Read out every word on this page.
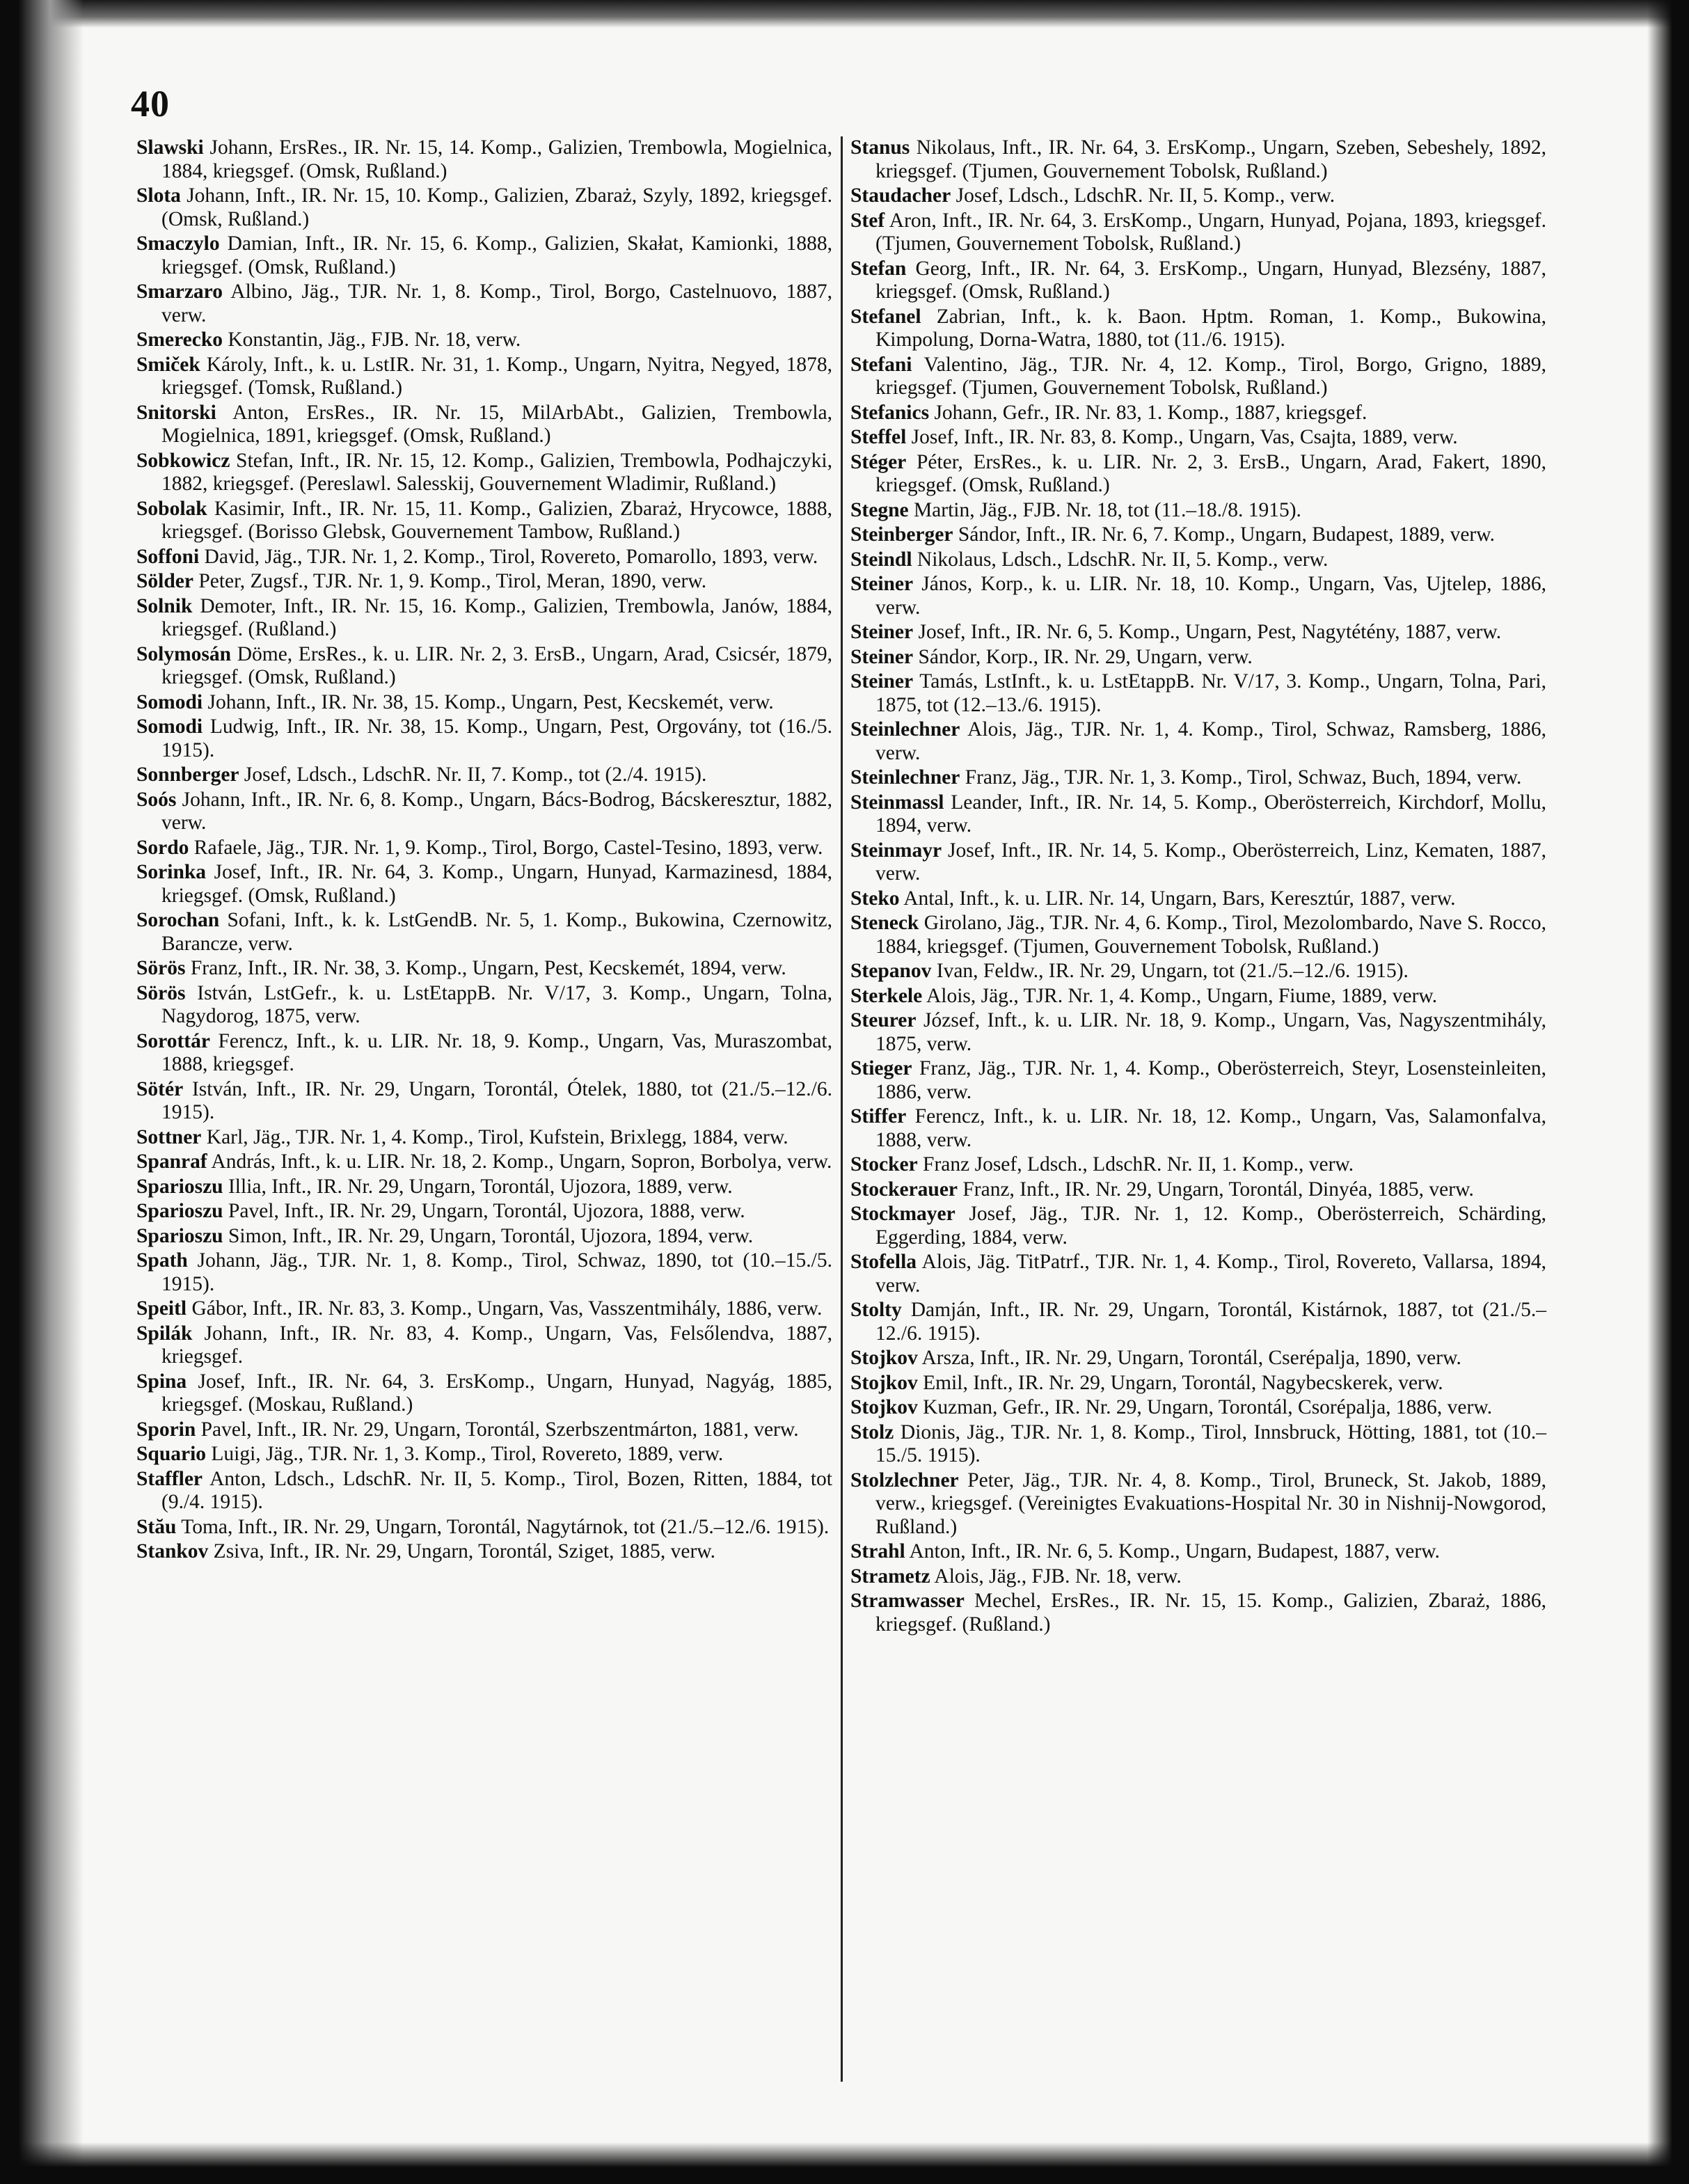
40

Slawski Johann, ErsRes., IR. Nr. 15, 14. Komp., Galizien, Trembowla, Mogielnica, 1884, kriegsgef. (Omsk, Rußland.)

Slota Johann, Inft., IR. Nr. 15, 10. Komp., Galizien, Zbaraż, Szyly, 1892, kriegsgef. (Omsk, Rußland.)

Smaczylo Damian, Inft., IR. Nr. 15, 6. Komp., Galizien, Skałat, Kamionki, 1888, kriegsgef. (Omsk, Rußland.)

Smarzaro Albino, Jäg., TJR. Nr. 1, 8. Komp., Tirol, Borgo, Castelnuovo, 1887, verw.

Smerecko Konstantin, Jäg., FJB. Nr. 18, verw.

Smiček Károly, Inft., k. u. LstIR. Nr. 31, 1. Komp., Ungarn, Nyitra, Negyed, 1878, kriegsgef. (Tomsk, Rußland.)

Snitorski Anton, ErsRes., IR. Nr. 15, MilArbAbt., Galizien, Trembowla, Mogielnica, 1891, kriegsgef. (Omsk, Rußland.)

Sobkowicz Stefan, Inft., IR. Nr. 15, 12. Komp., Galizien, Trembowla, Podhajczyki, 1882, kriegsgef. (Pereslawl. Salesskij, Gouvernement Wladimir, Rußland.)

Sobolak Kasimir, Inft., IR. Nr. 15, 11. Komp., Galizien, Zbaraż, Hrycowce, 1888, kriegsgef. (Borisso Glebsk, Gouvernement Tambow, Rußland.)

Soffoni David, Jäg., TJR. Nr. 1, 2. Komp., Tirol, Rovereto, Pomarollo, 1893, verw.

Sölder Peter, Zugsf., TJR. Nr. 1, 9. Komp., Tirol, Meran, 1890, verw.

Solnik Demoter, Inft., IR. Nr. 15, 16. Komp., Galizien, Trembowla, Janów, 1884, kriegsgef. (Rußland.)

Solymosán Döme, ErsRes., k. u. LIR. Nr. 2, 3. ErsB., Ungarn, Arad, Csicsér, 1879, kriegsgef. (Omsk, Rußland.)

Somodi Johann, Inft., IR. Nr. 38, 15. Komp., Ungarn, Pest, Kecskemét, verw.

Somodi Ludwig, Inft., IR. Nr. 38, 15. Komp., Ungarn, Pest, Orgovány, tot (16./5. 1915).

Sonnberger Josef, Ldsch., LdschR. Nr. II, 7. Komp., tot (2./4. 1915).

Soós Johann, Inft., IR. Nr. 6, 8. Komp., Ungarn, Bács-Bodrog, Bácskeresztur, 1882, verw.

Sordo Rafaele, Jäg., TJR. Nr. 1, 9. Komp., Tirol, Borgo, Castel-Tesino, 1893, verw.

Sorinka Josef, Inft., IR. Nr. 64, 3. Komp., Ungarn, Hunyad, Karmazinesd, 1884, kriegsgef. (Omsk, Rußland.)

Sorochan Sofani, Inft., k. k. LstGendB. Nr. 5, 1. Komp., Bukowina, Czernowitz, Barancze, verw.

Sörös Franz, Inft., IR. Nr. 38, 3. Komp., Ungarn, Pest, Kecskemét, 1894, verw.

Sörös István, LstGefr., k. u. LstEtappB. Nr. V/17, 3. Komp., Ungarn, Tolna, Nagydorog, 1875, verw.

Sorottár Ferencz, Inft., k. u. LIR. Nr. 18, 9. Komp., Ungarn, Vas, Muraszombat, 1888, kriegsgef.

Sötér István, Inft., IR. Nr. 29, Ungarn, Torontál, Ótelek, 1880, tot (21./5.–12./6. 1915).

Sottner Karl, Jäg., TJR. Nr. 1, 4. Komp., Tirol, Kufstein, Brixlegg, 1884, verw.

Spanraf András, Inft., k. u. LIR. Nr. 18, 2. Komp., Ungarn, Sopron, Borbolya, verw.

Sparioszu Illia, Inft., IR. Nr. 29, Ungarn, Torontál, Ujozora, 1889, verw.

Sparioszu Pavel, Inft., IR. Nr. 29, Ungarn, Torontál, Ujozora, 1888, verw.

Sparioszu Simon, Inft., IR. Nr. 29, Ungarn, Torontál, Ujozora, 1894, verw.

Spath Johann, Jäg., TJR. Nr. 1, 8. Komp., Tirol, Schwaz, 1890, tot (10.–15./5. 1915).

Speitl Gábor, Inft., IR. Nr. 83, 3. Komp., Ungarn, Vas, Vasszentmihály, 1886, verw.

Spilák Johann, Inft., IR. Nr. 83, 4. Komp., Ungarn, Vas, Felsőlendva, 1887, kriegsgef.

Spina Josef, Inft., IR. Nr. 64, 3. ErsKomp., Ungarn, Hunyad, Nagyág, 1885, kriegsgef. (Moskau, Rußland.)

Sporin Pavel, Inft., IR. Nr. 29, Ungarn, Torontál, Szerbszentmárton, 1881, verw.

Squario Luigi, Jäg., TJR. Nr. 1, 3. Komp., Tirol, Rovereto, 1889, verw.

Staffler Anton, Ldsch., LdschR. Nr. II, 5. Komp., Tirol, Bozen, Ritten, 1884, tot (9./4. 1915).

Stău Toma, Inft., IR. Nr. 29, Ungarn, Torontál, Nagytárnok, tot (21./5.–12./6. 1915).

Stankov Zsiva, Inft., IR. Nr. 29, Ungarn, Torontál, Sziget, 1885, verw.

Stanus Nikolaus, Inft., IR. Nr. 64, 3. ErsKomp., Ungarn, Szeben, Sebeshely, 1892, kriegsgef. (Tjumen, Gouvernement Tobolsk, Rußland.)

Staudacher Josef, Ldsch., LdschR. Nr. II, 5. Komp., verw.

Stef Aron, Inft., IR. Nr. 64, 3. ErsKomp., Ungarn, Hunyad, Pojana, 1893, kriegsgef. (Tjumen, Gouvernement Tobolsk, Rußland.)

Stefan Georg, Inft., IR. Nr. 64, 3. ErsKomp., Ungarn, Hunyad, Blezsény, 1887, kriegsgef. (Omsk, Rußland.)

Stefanel Zabrian, Inft., k. k. Baon. Hptm. Roman, 1. Komp., Bukowina, Kimpolung, Dorna-Watra, 1880, tot (11./6. 1915).

Stefani Valentino, Jäg., TJR. Nr. 4, 12. Komp., Tirol, Borgo, Grigno, 1889, kriegsgef. (Tjumen, Gouvernement Tobolsk, Rußland.)

Stefanics Johann, Gefr., IR. Nr. 83, 1. Komp., 1887, kriegsgef.

Steffel Josef, Inft., IR. Nr. 83, 8. Komp., Ungarn, Vas, Csajta, 1889, verw.

Stéger Péter, ErsRes., k. u. LIR. Nr. 2, 3. ErsB., Ungarn, Arad, Fakert, 1890, kriegsgef. (Omsk, Rußland.)

Stegne Martin, Jäg., FJB. Nr. 18, tot (11.–18./8. 1915).

Steinberger Sándor, Inft., IR. Nr. 6, 7. Komp., Ungarn, Budapest, 1889, verw.

Steindl Nikolaus, Ldsch., LdschR. Nr. II, 5. Komp., verw.

Steiner János, Korp., k. u. LIR. Nr. 18, 10. Komp., Ungarn, Vas, Ujtelep, 1886, verw.

Steiner Josef, Inft., IR. Nr. 6, 5. Komp., Ungarn, Pest, Nagytétény, 1887, verw.

Steiner Sándor, Korp., IR. Nr. 29, Ungarn, verw.

Steiner Tamás, LstInft., k. u. LstEtappB. Nr. V/17, 3. Komp., Ungarn, Tolna, Pari, 1875, tot (12.–13./6. 1915).

Steinlechner Alois, Jäg., TJR. Nr. 1, 4. Komp., Tirol, Schwaz, Ramsberg, 1886, verw.

Steinlechner Franz, Jäg., TJR. Nr. 1, 3. Komp., Tirol, Schwaz, Buch, 1894, verw.

Steinmassl Leander, Inft., IR. Nr. 14, 5. Komp., Oberösterreich, Kirchdorf, Mollu, 1894, verw.

Steinmayr Josef, Inft., IR. Nr. 14, 5. Komp., Oberösterreich, Linz, Kematen, 1887, verw.

Steko Antal, Inft., k. u. LIR. Nr. 14, Ungarn, Bars, Keresztúr, 1887, verw.

Steneck Girolano, Jäg., TJR. Nr. 4, 6. Komp., Tirol, Mezolombardo, Nave S. Rocco, 1884, kriegsgef. (Tjumen, Gouvernement Tobolsk, Rußland.)

Stepanov Ivan, Feldw., IR. Nr. 29, Ungarn, tot (21./5.–12./6. 1915).

Sterkele Alois, Jäg., TJR. Nr. 1, 4. Komp., Ungarn, Fiume, 1889, verw.

Steurer József, Inft., k. u. LIR. Nr. 18, 9. Komp., Ungarn, Vas, Nagyszentmihály, 1875, verw.

Stieger Franz, Jäg., TJR. Nr. 1, 4. Komp., Oberösterreich, Steyr, Losensteinleiten, 1886, verw.

Stiffer Ferencz, Inft., k. u. LIR. Nr. 18, 12. Komp., Ungarn, Vas, Salamonfalva, 1888, verw.

Stocker Franz Josef, Ldsch., LdschR. Nr. II, 1. Komp., verw.

Stockerauer Franz, Inft., IR. Nr. 29, Ungarn, Torontál, Dinyéa, 1885, verw.

Stockmayer Josef, Jäg., TJR. Nr. 1, 12. Komp., Oberösterreich, Schärding, Eggerding, 1884, verw.

Stofella Alois, Jäg. TitPatrf., TJR. Nr. 1, 4. Komp., Tirol, Rovereto, Vallarsa, 1894, verw.

Stolty Damján, Inft., IR. Nr. 29, Ungarn, Torontál, Kistárnok, 1887, tot (21./5.–12./6. 1915).

Stojkov Arsza, Inft., IR. Nr. 29, Ungarn, Torontál, Cserépalja, 1890, verw.

Stojkov Emil, Inft., IR. Nr. 29, Ungarn, Torontál, Nagybecskerek, verw.

Stojkov Kuzman, Gefr., IR. Nr. 29, Ungarn, Torontál, Csorépalja, 1886, verw.

Stolz Dionis, Jäg., TJR. Nr. 1, 8. Komp., Tirol, Innsbruck, Hötting, 1881, tot (10.–15./5. 1915).

Stolzlechner Peter, Jäg., TJR. Nr. 4, 8. Komp., Tirol, Bruneck, St. Jakob, 1889, verw., kriegsgef. (Vereinigtes Evakuations-Hospital Nr. 30 in Nishnij-Nowgorod, Rußland.)

Strahl Anton, Inft., IR. Nr. 6, 5. Komp., Ungarn, Budapest, 1887, verw.

Strametz Alois, Jäg., FJB. Nr. 18, verw.

Stramwasser Mechel, ErsRes., IR. Nr. 15, 15. Komp., Galizien, Zbaraż, 1886, kriegsgef. (Rußland.)
